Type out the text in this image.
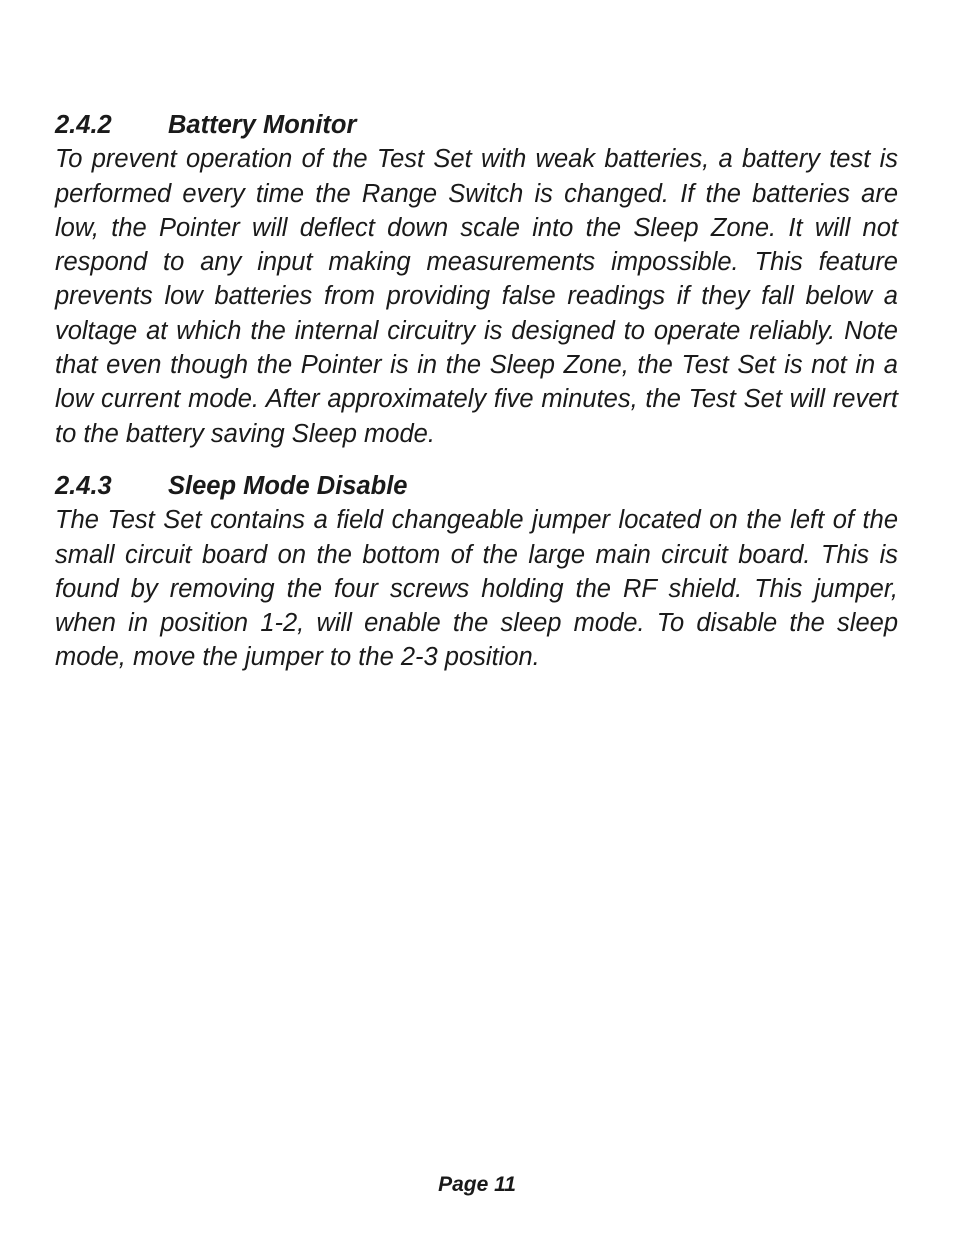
2.4.2 Battery Monitor

To prevent operation of the Test Set with weak batteries, a battery test is performed every time the Range Switch is changed. If the batteries are low, the Pointer will deflect down scale into the Sleep Zone. It will not respond to any input making measurements impossible. This feature prevents low batteries from providing false readings if they fall below a voltage at which the internal circuitry is designed to operate reliably. Note that even though the Pointer is in the Sleep Zone, the Test Set is not in a low current mode. After approximately five minutes, the Test Set will revert to the battery saving Sleep mode.

2.4.3 Sleep Mode Disable

The Test Set contains a field changeable jumper located on the left of the small circuit board on the bottom of the large main circuit board. This is found by removing the four screws holding the RF shield. This jumper, when in position 1-2, will enable the sleep mode. To disable the sleep mode, move the jumper to the 2-3 position.

Page 11
